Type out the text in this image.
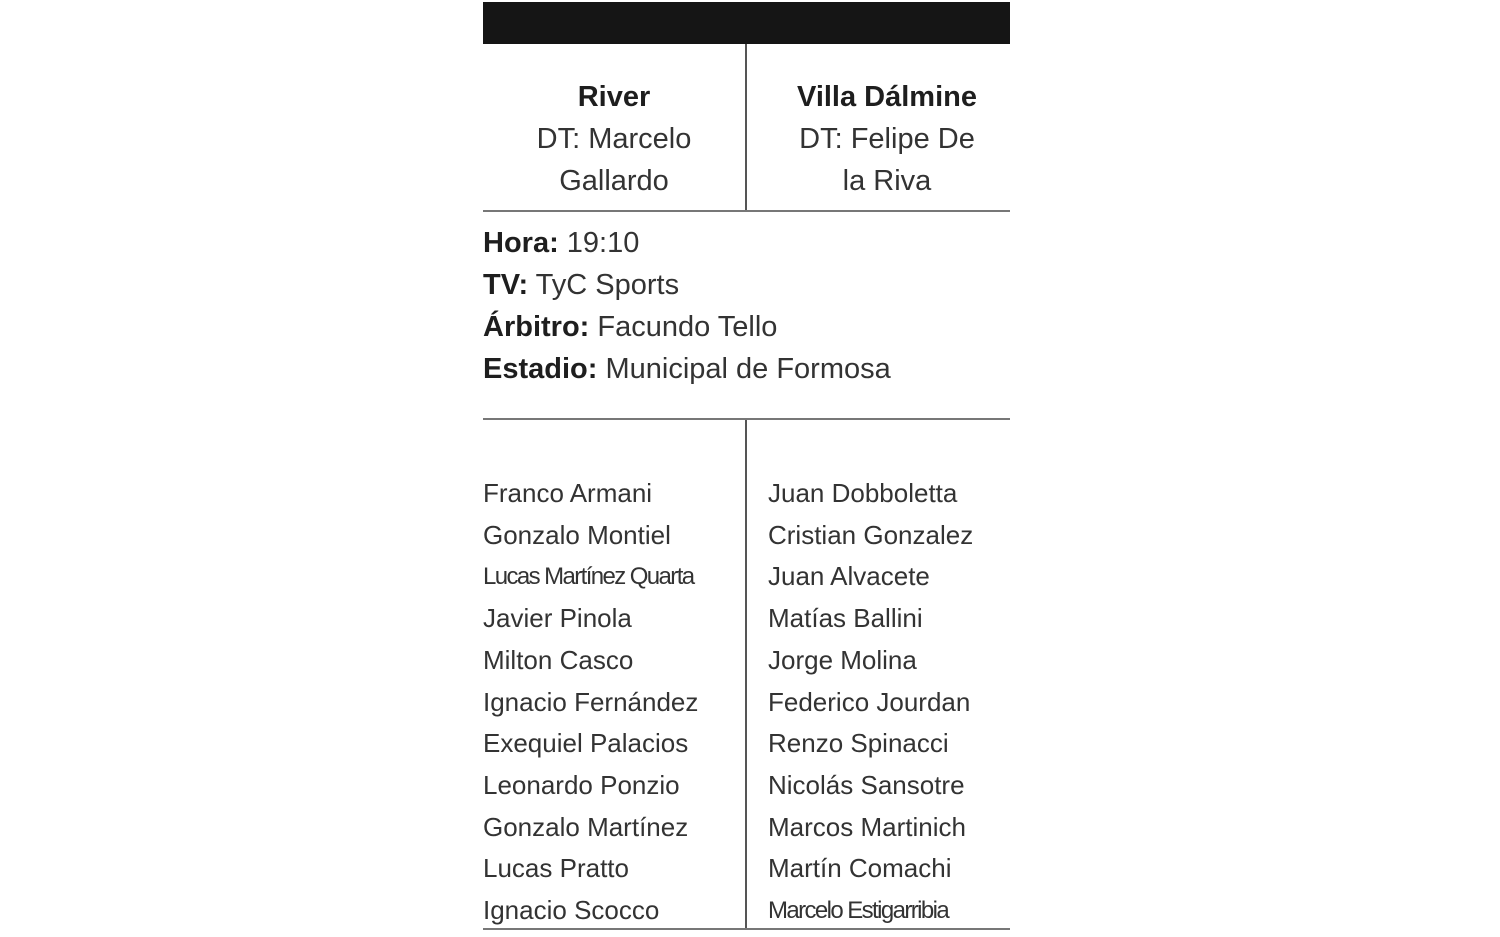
River
DT: Marcelo
Gallardo
Villa Dálmine
DT: Felipe De
la Riva
Hora: 19:10
TV: TyC Sports
Árbitro: Facundo Tello
Estadio: Municipal de Formosa
Franco Armani
Gonzalo Montiel
Lucas Martínez Quarta
Javier Pinola
Milton Casco
Ignacio Fernández
Exequiel Palacios
Leonardo Ponzio
Gonzalo Martínez
Lucas Pratto
Ignacio Scocco
Juan Dobboletta
Cristian Gonzalez
Juan Alvacete
Matías Ballini
Jorge Molina
Federico Jourdan
Renzo Spinacci
Nicolás Sansotre
Marcos Martinich
Martín Comachi
Marcelo Estigarribia
